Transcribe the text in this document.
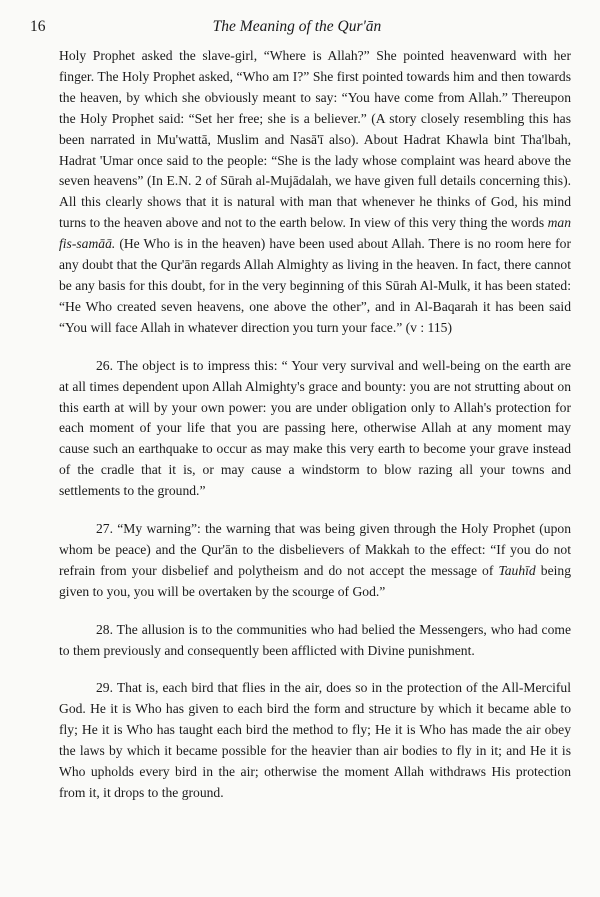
16	The Meaning of the Qur'ān

Holy Prophet asked the slave-girl, “Where is Allah?” She pointed heavenward with her finger. The Holy Prophet asked, “Who am I?” She first pointed towards him and then towards the heaven, by which she obviously meant to say: “You have come from Allah.” Thereupon the Holy Prophet said: “Set her free; she is a believer.” (A story closely resembling this has been narrated in Mu'wattā, Muslim and Nasā'ī also). About Hadrat Khawla bint Tha'lbah, Hadrat 'Umar once said to the people: “She is the lady whose complaint was heard above the seven heavens” (In E.N. 2 of Sūrah al-Mujādalah, we have given full details concerning this). All this clearly shows that it is natural with man that whenever he thinks of God, his mind turns to the heaven above and not to the earth below. In view of this very thing the words man fis-samāā. (He Who is in the heaven) have been used about Allah. There is no room here for any doubt that the Qur'ān regards Allah Almighty as living in the heaven. In fact, there cannot be any basis for this doubt, for in the very beginning of this Sūrah Al-Mulk, it has been stated: “He Who created seven heavens, one above the other”, and in Al-Baqarah it has been said “You will face Allah in whatever direction you turn your face.” (v : 115)

26. The object is to impress this: “ Your very survival and well-being on the earth are at all times dependent upon Allah Almighty's grace and bounty: you are not strutting about on this earth at will by your own power: you are under obligation only to Allah's protection for each moment of your life that you are passing here, otherwise Allah at any moment may cause such an earthquake to occur as may make this very earth to become your grave instead of the cradle that it is, or may cause a windstorm to blow razing all your towns and settlements to the ground.”

27. “My warning”: the warning that was being given through the Holy Prophet (upon whom be peace) and the Qur'ān to the disbelievers of Makkah to the effect: “If you do not refrain from your disbelief and polytheism and do not accept the message of Tauhīd being given to you, you will be overtaken by the scourge of God.”

28. The allusion is to the communities who had belied the Messengers, who had come to them previously and consequently been afflicted with Divine punishment.

29. That is, each bird that flies in the air, does so in the protection of the All-Merciful God. He it is Who has given to each bird the form and structure by which it became able to fly; He it is Who has taught each bird the method to fly; He it is Who has made the air obey the laws by which it became possible for the heavier than air bodies to fly in it; and He it is Who upholds every bird in the air; otherwise the moment Allah withdraws His protection from it, it drops to the ground.
